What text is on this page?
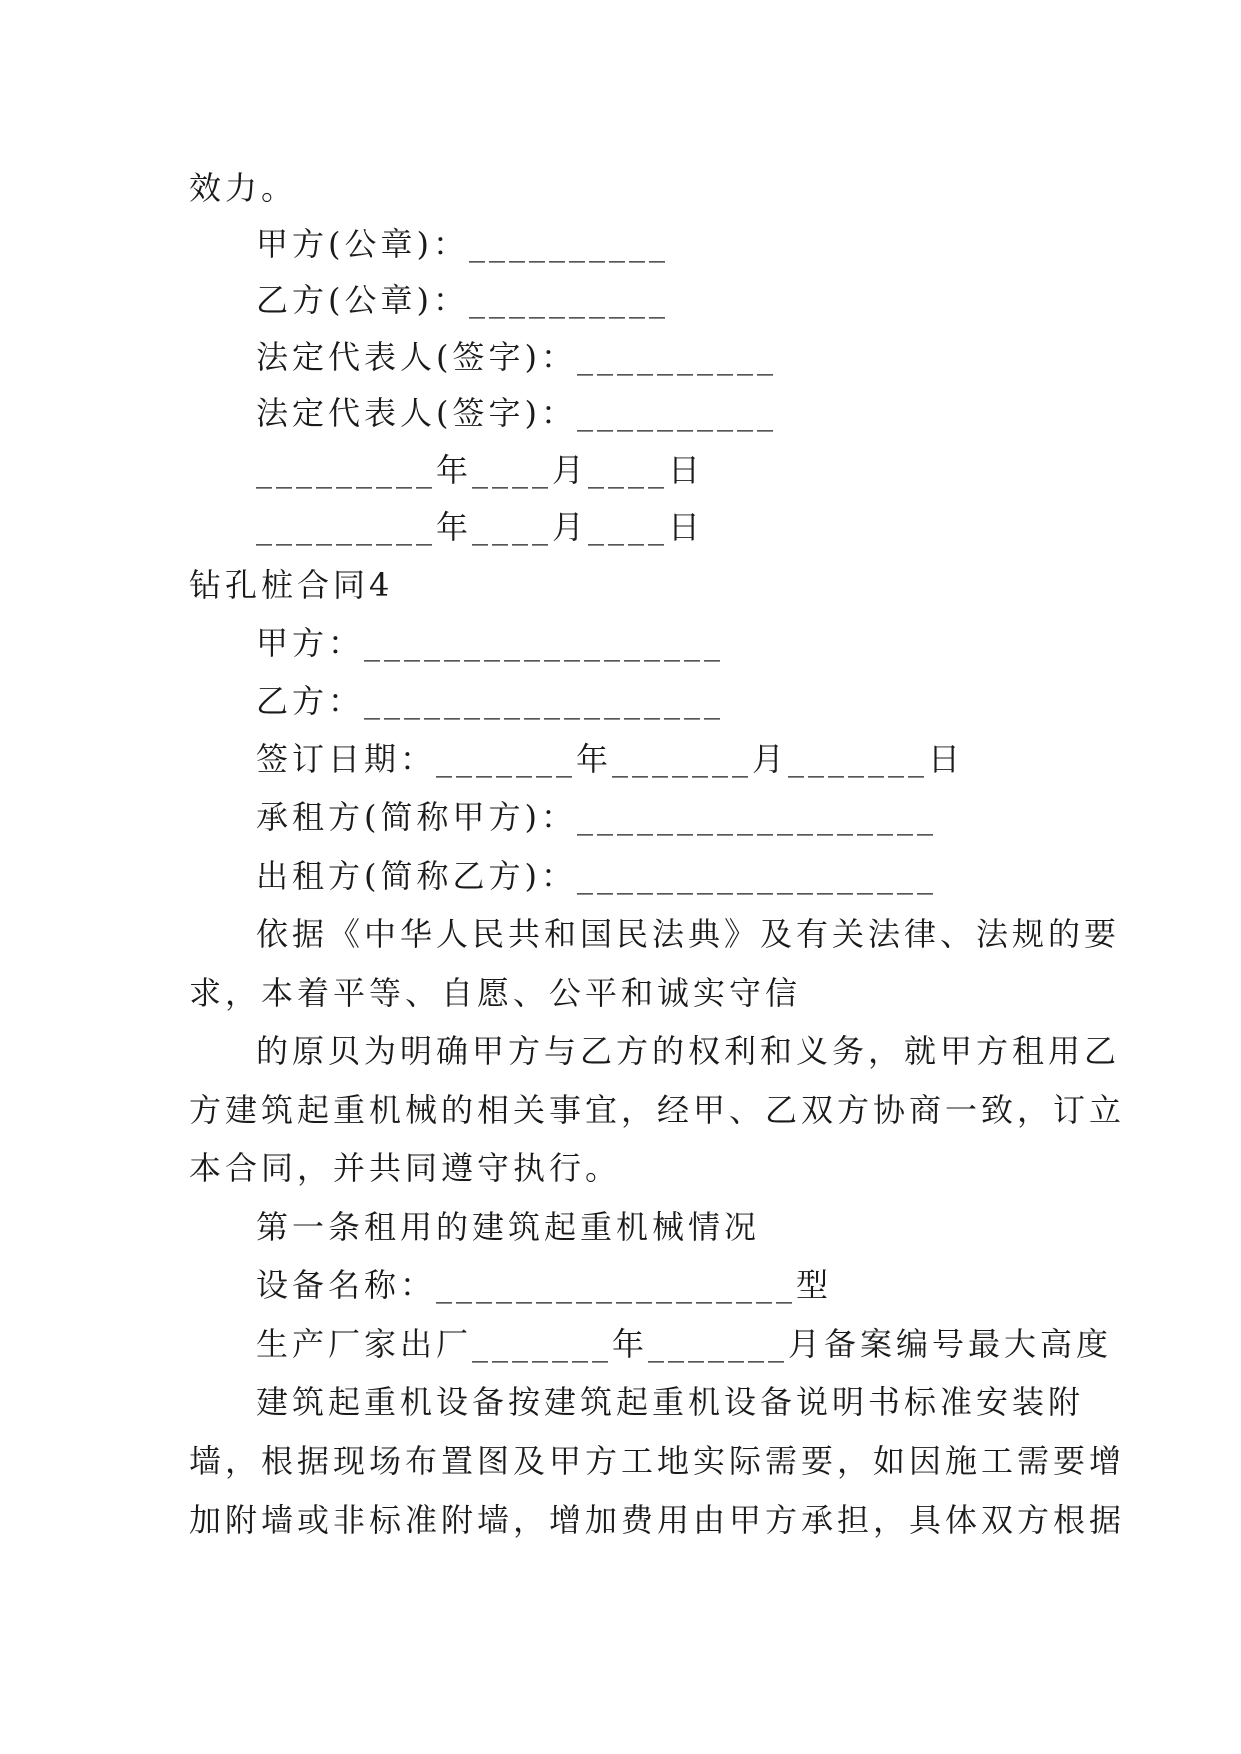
效力。
甲方(公章)：__________
乙方(公章)：__________
法定代表人(签字)：__________
法定代表人(签字)：__________
_________年____月____日
_________年____月____日
钻孔桩合同4
甲方：__________________
乙方：__________________
签订日期：_______年_______月_______日
承租方(简称甲方)：__________________
出租方(简称乙方)：__________________
依据《中华人民共和国民法典》及有关法律、法规的要
求，本着平等、自愿、公平和诚实守信
的原贝为明确甲方与乙方的权利和义务，就甲方租用乙
方建筑起重机械的相关事宜，经甲、乙双方协商一致，订立
本合同，并共同遵守执行。
第一条租用的建筑起重机械情况
设备名称：__________________型
生产厂家出厂_______年_______月备案编号最大高度
建筑起重机设备按建筑起重机设备说明书标准安装附
墙，根据现场布置图及甲方工地实际需要，如因施工需要增
加附墙或非标准附墙，增加费用由甲方承担，具体双方根据
